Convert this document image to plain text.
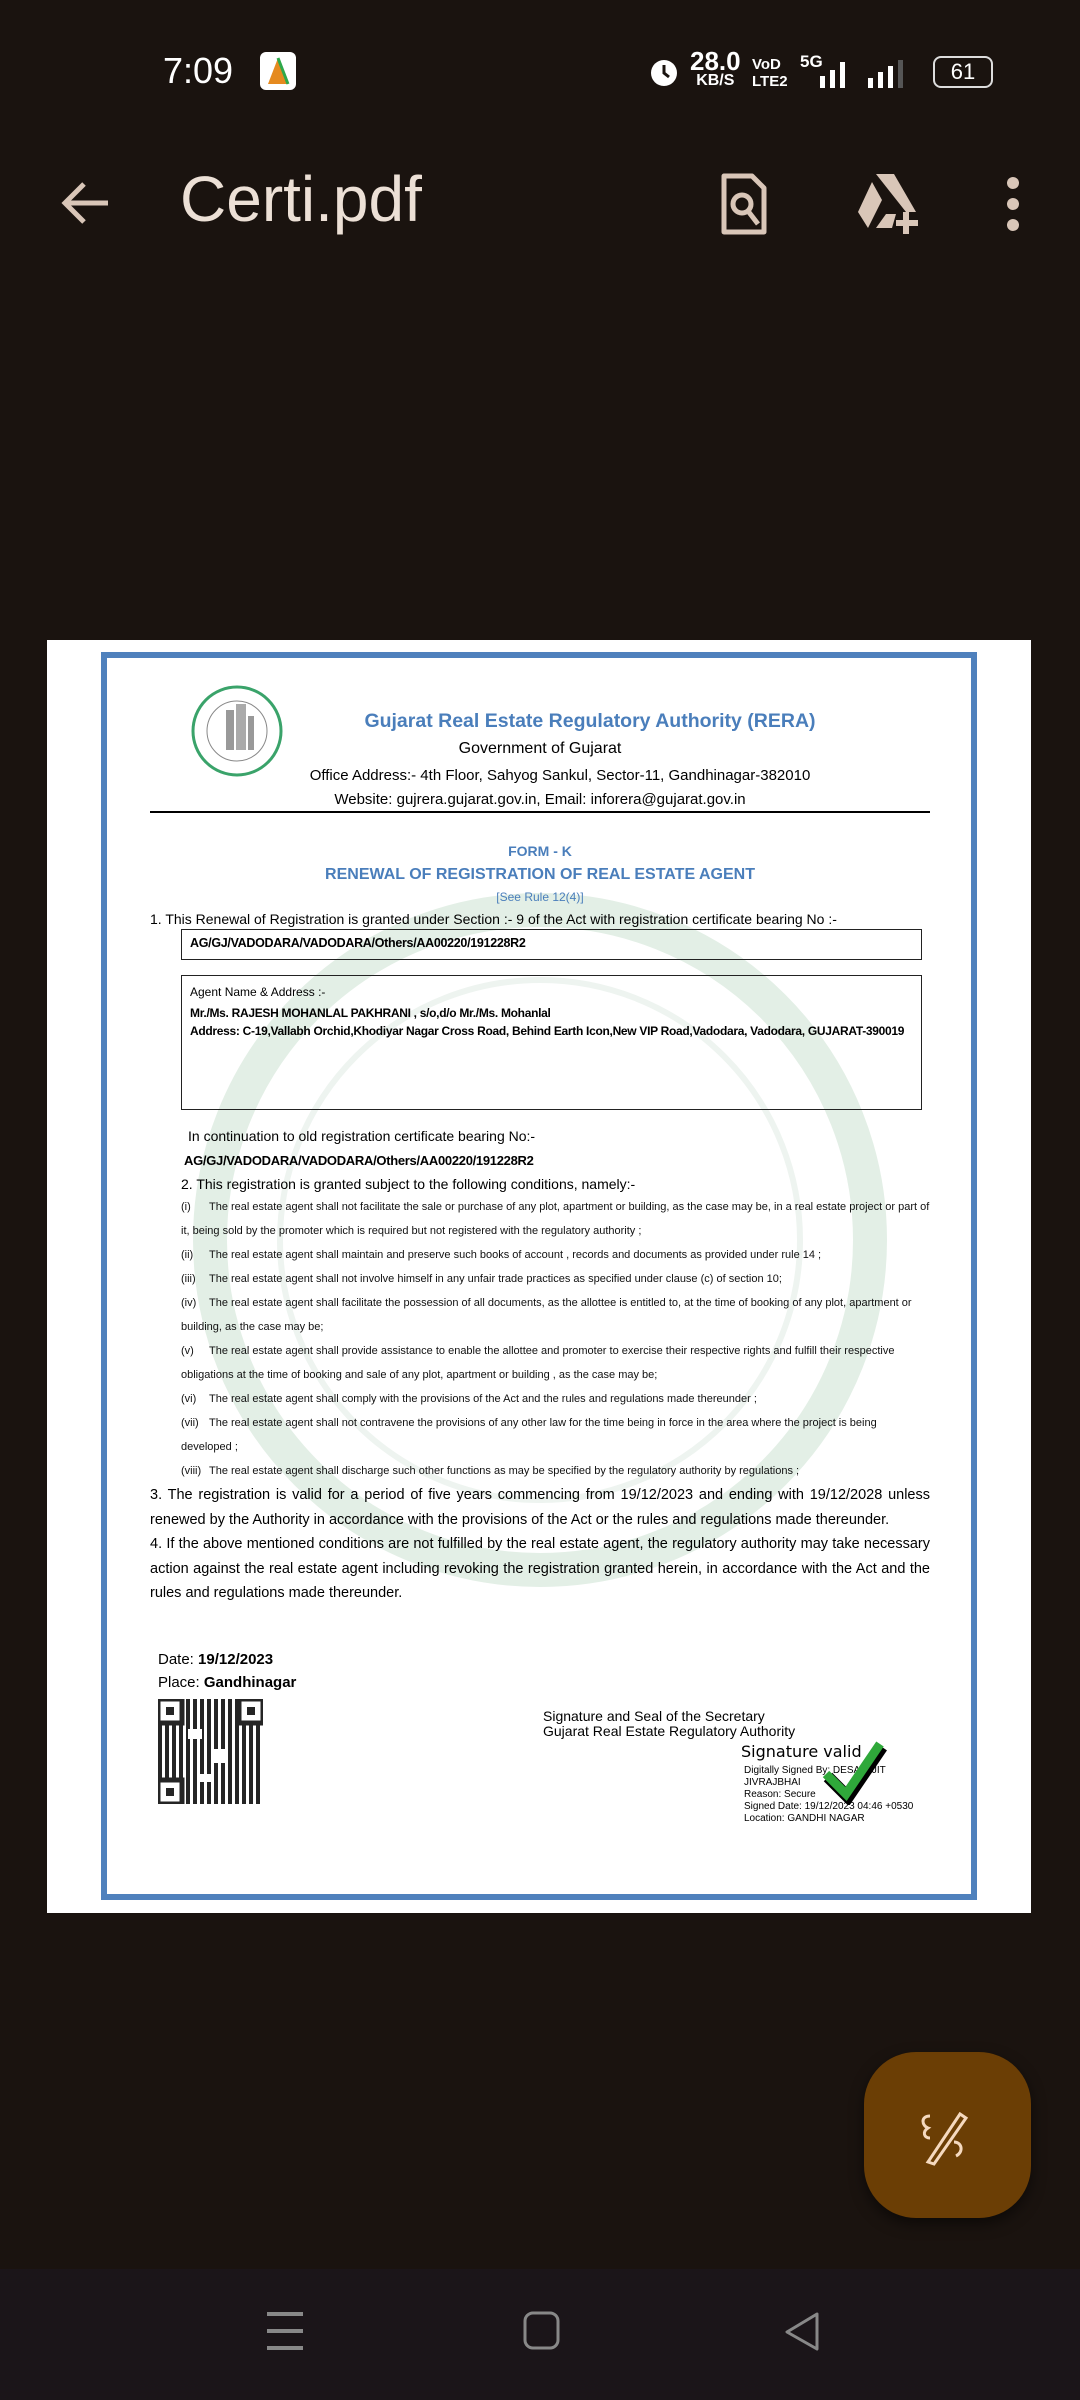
7:09	28.0
KB/S
VoD
LTE2
5G	61
Certi.pdf
Gujarat Real Estate Regulatory Authority (RERA)
Government of Gujarat
Office Address:- 4th Floor, Sahyog Sankul, Sector-11, Gandhinagar-382010
Website: gujrera.gujarat.gov.in, Email: inforera@gujarat.gov.in
FORM - K
RENEWAL OF REGISTRATION OF REAL ESTATE AGENT
[See Rule 12(4)]
1. This Renewal of Registration is granted under Section :- 9 of the Act with registration certificate bearing No :-
AG/GJ/VADODARA/VADODARA/Others/AA00220/191228R2
Agent Name & Address :-
Mr./Ms. RAJESH MOHANLAL PAKHRANI , s/o,d/o Mr./Ms. Mohanlal
Address: C-19,Vallabh Orchid,Khodiyar Nagar Cross Road, Behind Earth Icon,New VIP Road,Vadodara, Vadodara, GUJARAT-390019
In continuation to old registration certificate bearing No:-
AG/GJ/VADODARA/VADODARA/Others/AA00220/191228R2
2. This registration is granted subject to the following conditions, namely:-

(i) The real estate agent shall not facilitate the sale or purchase of any plot, apartment or building, as the case may be, in a real estate project or part of it, being sold by the promoter which is required but not registered with the regulatory authority ;

(ii) The real estate agent shall maintain and preserve such books of account , records and documents as provided under rule 14 ;

(iii) The real estate agent shall not involve himself in any unfair trade practices as specified under clause (c) of section 10;

(iv) The real estate agent shall facilitate the possession of all documents, as the allottee is entitled to, at the time of booking of any plot, apartment or building, as the case may be;

(v) The real estate agent shall provide assistance to enable the allottee and promoter to exercise their respective rights and fulfill their respective obligations at the time of booking and sale of any plot, apartment or building , as the case may be;

(vi) The real estate agent shall comply with the provisions of the Act and the rules and regulations made thereunder ;

(vii) The real estate agent shall not contravene the provisions of any other law for the time being in force in the area where the project is being developed ;

(viii) The real estate agent shall discharge such other functions as may be specified by the regulatory authority by regulations ;

3. The registration is valid for a period of five years commencing from 19/12/2023 and ending with 19/12/2028 unless renewed by the Authority in accordance with the provisions of the Act or the rules and regulations made thereunder.
4. If the above mentioned conditions are not fulfilled by the real estate agent, the regulatory authority may take necessary action against the real estate agent including revoking the registration granted herein, in accordance with the Act and the rules and regulations made thereunder.
Date: 19/12/2023
Place: Gandhinagar
Signature and Seal of the Secretary
Gujarat Real Estate Regulatory Authority
Signature valid
Digitally Signed By: DESAI AJIT JIVRAJBHAI
Reason: Secure
Signed Date: 19/12/2023 04:46 +0530
Location: GANDHI NAGAR
